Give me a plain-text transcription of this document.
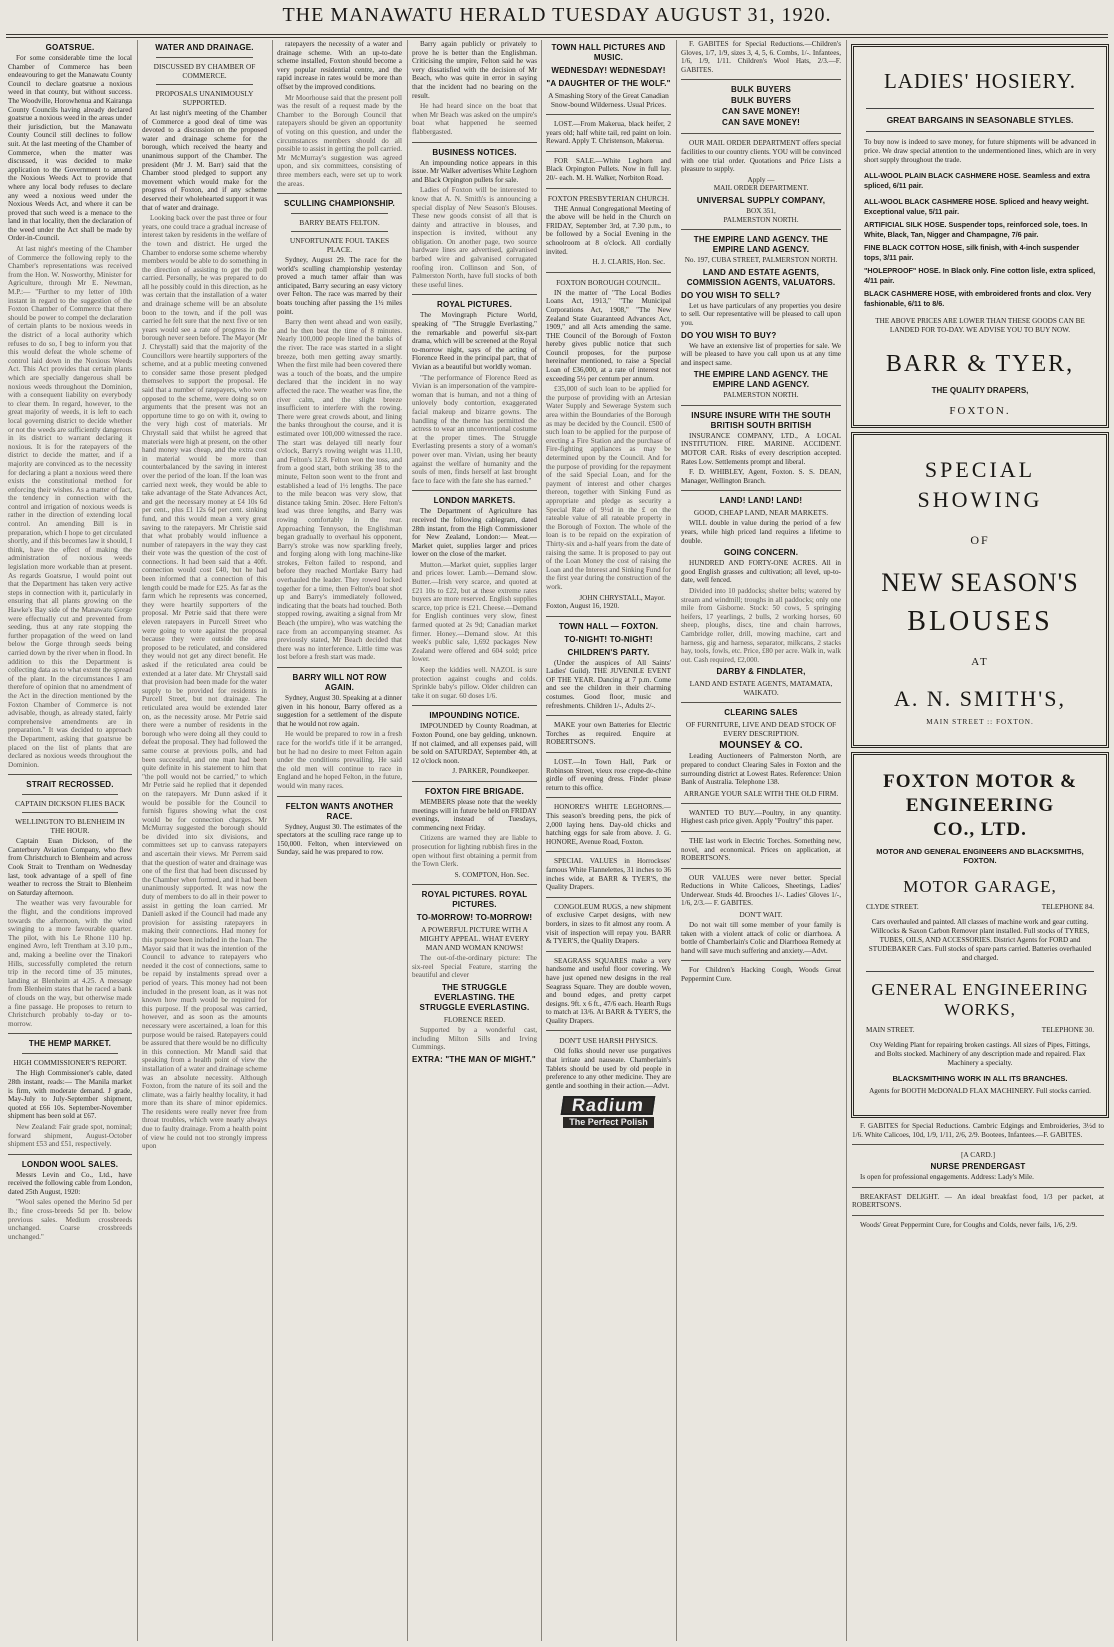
THE MANAWATU HERALD TUESDAY AUGUST 31, 1920.
GOATSRUE.

For some considerable time the local Chamber of Commerce has been endeavouring to get the Manawatu County Council to declare goatsrue a noxious weed in that county, but without success. The Woodville, Horowhenua and Kairanga County Councils having already declared goatsrue a noxious weed in the areas under their jurisdiction, but the Manawatu County Council still declines to follow suit. At the last meeting of the Chamber of Commerce, when the matter was discussed, it was decided to make application to the Government to amend the Noxious Weeds Act to provide that where any local body refuses to declare any weed a noxious weed under the Noxious Weeds Act, and where it can be proved that such weed is a menace to the land in that locality, then the declaration of the weed under the Act shall be made by Order-in-Council.

At last night's meeting of the Chamber of Commerce the following reply to the Chamber's representations was received from the Hon. W. Nosworthy, Minister for Agriculture, through Mr E. Newman, M.P.:— "Further to my letter of 10th instant in regard to the suggestion of the Foxton Chamber of Commerce that there should be power to compel the declaration of certain plants to be noxious weeds in the district of a local authority which refuses to do so, I beg to inform you that this would defeat the whole scheme of control laid down in the Noxious Weeds Act. This Act provides that certain plants which are specially dangerous shall be noxious weeds throughout the Dominion, with a consequent liability on everybody to clear them. In regard, however, to the great majority of weeds, it is left to each local governing district to decide whether or not the weeds are sufficiently dangerous in its district to warrant declaring it noxious. It is for the ratepayers of the district to decide the matter, and if a majority are convinced as to the necessity for declaring a plant a noxious weed there exists the constitutional method for enforcing their wishes. As a matter of fact, the tendency in connection with the control and irrigation of noxious weeds is rather in the direction of extending local control. An amending Bill is in preparation, which I hope to get circulated shortly, and if this becomes law it should, I think, have the effect of making the administration of noxious weeds legislation more workable than at present. As regards Goatsrue, I would point out that the Department has taken very active steps in connection with it, particularly in ensuring that all plants growing on the Hawke's Bay side of the Manawatu Gorge were effectually cut and prevented from seeding, thus at any rate stopping the further propagation of the weed on land below the Gorge through seeds being carried down by the river when in flood. In addition to this the Department is collecting data as to what extent the spread of the plant. In the circumstances I am therefore of opinion that no amendment of the Act in the direction mentioned by the Foxton Chamber of Commerce is not advisable, though, as already stated, fairly comprehensive amendments are in preparation." It was decided to approach the Department, asking that goatsrue be placed on the list of plants that are declared as noxious weeds throughout the Dominion.

STRAIT RECROSSED.
CAPTAIN DICKSON FLIES BACK
WELLINGTON TO BLENHEIM IN THE HOUR.

Captain Euan Dickson, of the Canterbury Aviation Company, who flew from Christchurch to Blenheim and across Cook Strait to Trentham on Wednesday last, took advantage of a spell of fine weather to recross the Strait to Blenheim on Saturday afternoon.

The weather was very favourable for the flight, and the conditions improved towards the afternoon, with the wind swinging to a more favourable quarter. The pilot, with his Le Rhone 110 hp. engined Avro, left Trentham at 3.10 p.m., and, making a beeline over the Tinakori Hills, successfully completed the return trip in the record time of 35 minutes, landing at Blenheim at 4.25. A message from Blenheim states that he raced a bank of clouds on the way, but otherwise made a fine passage. He proposes to return to Christchurch probably to-day or to-morrow.

THE HEMP MARKET.
HIGH COMMISSIONER'S REPORT.

The High Commissioner's cable, dated 28th instant, reads:— The Manila market is firm, with moderate demand. J grade, May-July to July-September shipment, quoted at £66 10s. September-November shipment has been sold at £67.

New Zealand: Fair grade spot, nominal; forward shipment, August-October shipment £53 and £51, respectively.

LONDON WOOL SALES.

Messrs Levin and Co., Ltd., have received the following cable from London, dated 25th August, 1920:

"Wool sales opened the Merino 5d per lb.; fine cross-breeds 5d per lb. below previous sales. Medium crossbreeds unchanged. Coarse crossbreeds unchanged."

WATER AND DRAINAGE.
DISCUSSED BY CHAMBER OF COMMERCE.
PROPOSALS UNANIMOUSLY SUPPORTED.

At last night's meeting of the Chamber of Commerce a good deal of time was devoted to a discussion on the proposed water and drainage scheme for the borough, which received the hearty and unanimous support of the Chamber. The president (Mr J. M. Barr) said that the Chamber stood pledged to support any movement which would make for the progress of Foxton, and if any scheme deserved their wholehearted support it was that of water and drainage.

Looking back over the past three or four years, one could trace a gradual increase of interest taken by residents in the welfare of the town and district. He urged the Chamber to endorse some scheme whereby members would be able to do something in the direction of assisting to get the poll carried. Personally, he was prepared to do all he possibly could in this direction, as he was certain that the installation of a water and drainage scheme will be an absolute boon to the town, and if the poll was carried he felt sure that the next five or ten years would see a rate of progress in the borough never seen before. The Mayor (Mr J. Chrystall) said that the majority of the Councillors were heartily supporters of the scheme, and at a public meeting convened to consider same those present pledged themselves to support the proposal. He said that a number of ratepayers, who were opposed to the scheme, were doing so on arguments that the present was not an opportune time to go on with it, owing to the very high cost of materials. Mr Chrystall said that whilst he agreed that materials were high at present, on the other hand money was cheap, and the extra cost in material would be more than counterbalanced by the saving in interest over the period of the loan. If the loan was carried next week, they would be able to take advantage of the State Advances Act, and get the necessary money at £4 10s 6d per cent., plus £1 12s 6d per cent. sinking fund, and this would mean a very great saving to the ratepayers. Mr Christie said that what probably would influence a number of ratepayers in the way they cast their vote was the question of the cost of connections. It had been said that a 40ft. connection would cost £40, but he had been informed that a connection of this length could be made for £25. As far as the farm which he represents was concerned, they were heartily supporters of the proposal. Mr Petrie said that there were eleven ratepayers in Purcell Street who were going to vote against the proposal because they were outside the area proposed to be reticulated, and considered they would not get any direct benefit. He asked if the reticulated area could be extended at a later date. Mr Chrystall said that provision had been made for the water supply to be provided for residents in Purcell Street, but not drainage. The reticulated area would be extended later on, as the necessity arose. Mr Petrie said there were a number of residents in the borough who were doing all they could to defeat the proposal. They had followed the same course at previous polls, and had been successful, and one man had been quite definite in his statement to him that "the poll would not be carried," to which Mr Petrie said he replied that it depended on the ratepayers. Mr Dunn asked if it would be possible for the Council to furnish figures showing what the cost would be for connection charges. Mr McMurray suggested the borough should be divided into six divisions, and committees set up to canvass ratepayers and ascertain their views. Mr Perrem said that the question of water and drainage was one of the first that had been discussed by the Chamber when formed, and it had been unanimously supported. It was now the duty of members to do all in their power to assist in getting the loan carried. Mr Daniell asked if the Council had made any provision for assisting ratepayers in making their connections. Had money for this purpose been included in the loan. The Mayor said that it was the intention of the Council to advance to ratepayers who needed it the cost of connections, same to be repaid by instalments spread over a period of years. This money had not been included in the present loan, as it was not known how much would be required for this purpose. If the proposal was carried, however, and as soon as the amounts necessary were ascertained, a loan for this purpose would be raised. Ratepayers could be assured that there would be no difficulty in this connection. Mr Mandl said that speaking from a health point of view the installation of a water and drainage scheme was an absolute necessity. Although Foxton, from the nature of its soil and the climate, was a fairly healthy locality, it had more than its share of minor epidemics. The residents were really never free from throat troubles, which were nearly always due to faulty drainage. From a health point of view he could not too strongly impress upon

ratepayers the necessity of a water and drainage scheme. With an up-to-date scheme installed, Foxton should become a very popular residential centre, and the rapid increase in rates would be more than offset by the improved conditions.

Mr Moorhouse said that the present poll was the result of a request made by the Chamber to the Borough Council that ratepayers should be given an opportunity of voting on this question, and under the circumstances members should do all possible to assist in getting the poll carried. Mr McMurray's suggestion was agreed upon, and six committees, consisting of three members each, were set up to work the areas.

SCULLING CHAMPIONSHIP.
BARRY BEATS FELTON.
UNFORTUNATE FOUL TAKES PLACE.

Sydney, August 29. The race for the world's sculling championship yesterday proved a much tamer affair than was anticipated, Barry securing an easy victory over Felton. The race was marred by their boats touching after passing the 1½ miles point.

Barry then went ahead and won easily, and he then beat the time of 8 minutes. Nearly 100,000 people lined the banks of the river. The race was started in a slight breeze, both men getting away smartly. When the first mile had been covered there was a touch of the boats, and the umpire declared that the incident in no way affected the race. The weather was fine, the river calm, and the slight breeze insufficient to interfere with the rowing. There were great crowds about, and lining the banks throughout the course, and it is estimated over 100,000 witnessed the race. The start was delayed till nearly four o'clock, Barry's rowing weight was 11.10, and Felton's 12.8. Felton won the toss, and from a good start, both striking 38 to the minute, Felton soon went to the front and established a lead of 1½ lengths. The pace to the mile beacon was very slow, that distance taking 5min. 20sec. Here Felton's lead was three lengths, and Barry was rowing comfortably in the rear. Approaching Tennyson, the Englishman began gradually to overhaul his opponent, Barry's stroke was now sparkling freely, and forging along with long machine-like strokes, Felton failed to respond, and before they reached Mortlake Barry had overhauled the leader. They rowed locked together for a time, then Felton's boat shot up and Barry's immediately followed, indicating that the boats had touched. Both stopped rowing, awaiting a signal from Mr Beach (the umpire), who was watching the race from an accompanying steamer. As previously stated, Mr Beach decided that there was no interference. Little time was lost before a fresh start was made.

BARRY WILL NOT ROW AGAIN.

Sydney, August 30. Speaking at a dinner given in his honour, Barry offered as a suggestion for a settlement of the dispute that he would not row again.

He would be prepared to row in a fresh race for the world's title if it be arranged, but he had no desire to meet Felton again under the conditions prevailing. He said the old men will continue to race in England and he hoped Felton, in the future, would win many races.

FELTON WANTS ANOTHER RACE.

Sydney, August 30. The estimates of the spectators at the sculling race range up to 150,000. Felton, when interviewed on Sunday, said he was prepared to row.

Barry again publicly or privately to prove he is better than the Englishman. Criticising the umpire, Felton said he was very dissatisfied with the decision of Mr Beach, who was quite in error in saying that the incident had no bearing on the result.

He had heard since on the boat that when Mr Beach was asked on the umpire's boat what happened he seemed flabbergasted.

BUSINESS NOTICES.

An impounding notice appears in this issue. Mr Walker advertises White Leghorn and Black Orpington pullets for sale.

Ladies of Foxton will be interested to know that A. N. Smith's is announcing a special display of New Season's Blouses. These new goods consist of all that is dainty and attractive in blouses, and inspection is invited, without any obligation. On another page, two source hardware lines are advertised, galvanised barbed wire and galvanised corrugated roofing iron. Collinson and Son, of Palmerston North, have full stocks of both these useful lines.

ROYAL PICTURES.

The Movingraph Picture World, speaking of "The Struggle Everlasting," the remarkable and powerful six-part drama, which will be screened at the Royal to-morrow night, says of the acting of Florence Reed in the principal part, that of Vivian as a beautiful but worldly woman.

"The performance of Florence Reed as Vivian is an impersonation of the vampire-woman that is human, and not a thing of unlovely body contortion, exaggerated facial makeup and bizarre gowns. The handling of the theme has permitted the actress to wear an unconventional costume at the proper times. The Struggle Everlasting presents a story of a woman's power over man. Vivian, using her beauty against the welfare of humanity and the souls of men, finds herself at last brought face to face with the fate she has earned."

LONDON MARKETS.

The Department of Agriculture has received the following cablegram, dated 28th instant, from the High Commissioner for New Zealand, London:— Meat.—Market quiet, supplies larger and prices lower on the close of the market.

Mutton.—Market quiet, supplies larger and prices lower. Lamb.—Demand slow. Butter.—Irish very scarce, and quoted at £21 10s to £22, but at these extreme rates buyers are more reserved. English supplies scarce, top price is £21. Cheese.—Demand for English continues very slow, finest farmed quoted at 2s 9d; Canadian market firmer. Honey.—Demand slow. At this week's public sale, 1,692 packages New Zealand were offered and 604 sold; price lower.

Keep the kiddies well. NAZOL is sure protection against coughs and colds. Sprinkle baby's pillow. Older children can take it on sugar. 60 doses 1/6.

IMPOUNDING NOTICE.

IMPOUNDED by County Roadman, at Foxton Pound, one bay gelding, unknown. If not claimed, and all expenses paid, will be sold on SATURDAY, September 4th, at 12 o'clock noon.

J. PARKER, Poundkeeper.
FOXTON FIRE BRIGADE.

MEMBERS please note that the weekly meetings will in future be held on FRIDAY evenings, instead of Tuesdays, commencing next Friday.

Citizens are warned they are liable to prosecution for lighting rubbish fires in the open without first obtaining a permit from the Town Clerk.

S. COMPTON, Hon. Sec.
ROYAL PICTURES. ROYAL PICTURES.
TO-MORROW! TO-MORROW!
A POWERFUL PICTURE WITH A MIGHTY APPEAL. WHAT EVERY MAN AND WOMAN KNOWS!

The out-of-the-ordinary picture: The six-reel Special Feature, starring the beautiful and clever

THE STRUGGLE EVERLASTING. THE STRUGGLE EVERLASTING.
FLORENCE REED.

Supported by a wonderful cast, including Milton Sills and Irving Cummings.

EXTRA: "THE MAN OF MIGHT."
TOWN HALL PICTURES AND MUSIC.
WEDNESDAY! WEDNESDAY!
"A DAUGHTER OF THE WOLF."
A Smashing Story of the Great Canadian Snow-bound Wilderness. Usual Prices.

LOST.—From Makerua, black heifer, 2 years old; half white tail, red paint on loin. Reward. Apply T. Christenson, Makerua.

FOR SALE.—White Leghorn and Black Orpington Pullets. Now in full lay. 20/- each. M. H. Walker, Norbiton Road.

FOXTON PRESBYTERIAN CHURCH.

THE Annual Congregational Meeting of the above will be held in the Church on FRIDAY, September 3rd, at 7.30 p.m., to be followed by a Social Evening in the schoolroom at 8 o'clock. All cordially invited.

H. J. CLARIS, Hon. Sec.
FOXTON BOROUGH COUNCIL.

IN the matter of "The Local Bodies Loans Act, 1913," "The Municipal Corporations Act, 1908," "The New Zealand State Guaranteed Advances Act, 1909," and all Acts amending the same. THE Council of the Borough of Foxton hereby gives public notice that such Council proposes, for the purpose hereinafter mentioned, to raise a Special Loan of £36,000, at a rate of interest not exceeding 5½ per centum per annum.

£35,000 of such loan to be applied for the purpose of providing with an Artesian Water Supply and Sewerage System such area within the Boundaries of the Borough as may be decided by the Council. £500 of such loan to be applied for the purpose of erecting a Fire Station and the purchase of Fire-fighting appliances as may be determined upon by the Council. And for the purpose of providing for the repayment of the said Special Loan, and for the payment of interest and other charges thereon, together with Sinking Fund as appropriate and pledge as security a Special Rate of 9½d in the £ on the rateable value of all rateable property in the Borough of Foxton. The whole of the loan is to be repaid on the expiration of Thirty-six and a-half years from the date of raising the same. It is proposed to pay out of the Loan Money the cost of raising the Loan and the Interest and Sinking Fund for the first year during the construction of the work.

JOHN CHRYSTALL, Mayor.
Foxton, August 16, 1920.
TOWN HALL — FOXTON.
TO-NIGHT! TO-NIGHT!
CHILDREN'S PARTY.

(Under the auspices of All Saints' Ladies' Guild). THE JUVENILE EVENT OF THE YEAR. Dancing at 7 p.m. Come and see the children in their charming costumes. Good floor, music and refreshments. Children 1/-, Adults 2/-.

MAKE your own Batteries for Electric Torches as required. Enquire at ROBERTSON'S.

LOST.—In Town Hall, Park or Robinson Street, vieux rose crepe-de-chine girdle off evening dress. Finder please return to this office.

HONORE'S WHITE LEGHORNS.—This season's breeding pens, the pick of 2,000 laying hens. Day-old chicks and hatching eggs for sale from above. J. G. HONORE, Avenue Road, Foxton.

SPECIAL VALUES in Horrockses' famous White Flannelettes, 31 inches to 36 inches wide, at BARR & TYER'S, the Quality Drapers.

CONGOLEUM RUGS, a new shipment of exclusive Carpet designs, with new borders, in sizes to fit almost any room. A visit of inspection will repay you. BARR & TYER'S, the Quality Drapers.

SEAGRASS SQUARES make a very handsome and useful floor covering. We have just opened new designs in the real Seagrass Square. They are double woven, and bound edges, and pretty carpet designs. 9ft. x 6 ft., 47/6 each. Hearth Rugs to match at 13/6. At BARR & TYER'S, the Quality Drapers.

DON'T USE HARSH PHYSICS.

Old folks should never use purgatives that irritate and nauseate. Chamberlain's Tablets should be used by old people in preference to any other medicine. They are gentle and soothing in their action.—Advt.

Radium The Perfect Polish

F. GABITES for Special Reductions.—Children's Gloves, 1/7, 1/9, sizes 3, 4, 5, 6. Combs, 1/-. Infantees, 1/6, 1/9, 1/11. Children's Wool Hats, 2/3.—F. GABITES.

BULK BUYERS
BULK BUYERS
CAN SAVE MONEY!
CAN SAVE MONEY!

OUR MAIL ORDER DEPARTMENT offers special facilities to our country clients. YOU will be convinced with one trial order. Quotations and Price Lists a pleasure to supply.

Apply —
MAIL ORDER DEPARTMENT.
UNIVERSAL SUPPLY COMPANY,
BOX 351,
PALMERSTON NORTH.
THE EMPIRE LAND AGENCY. THE EMPIRE LAND AGENCY.
No. 197, CUBA STREET, PALMERSTON NORTH.
LAND AND ESTATE AGENTS, COMMISSION AGENTS, VALUATORS.
DO YOU WISH TO SELL?

Let us have particulars of any properties you desire to sell. Our representative will be pleased to call upon you.

DO YOU WISH TO BUY?

We have an extensive list of properties for sale. We will be pleased to have you call upon us at any time and inspect same.

THE EMPIRE LAND AGENCY. THE EMPIRE LAND AGENCY.
PALMERSTON NORTH.
INSURE INSURE WITH THE SOUTH BRITISH SOUTH BRITISH

INSURANCE COMPANY, LTD., A LOCAL INSTITUTION. FIRE. MARINE. ACCIDENT. MOTOR CAR. Risks of every description accepted. Rates Low. Settlements prompt and liberal.

F. D. WHIBLEY, Agent, Foxton. S. S. DEAN, Manager, Wellington Branch.

LAND! LAND! LAND!
GOOD, CHEAP LAND, NEAR MARKETS.

WILL double in value during the period of a few years, while high priced land requires a lifetime to double.

GOING CONCERN.

HUNDRED AND FORTY-ONE ACRES. All in good English grasses and cultivation; all level, up-to-date, well fenced.

Divided into 10 paddocks; shelter belts; watered by stream and windmill; troughs in all paddocks; only one mile from Gisborne. Stock: 50 cows, 5 springing heifers, 17 yearlings, 2 bulls, 2 working horses, 60 sheep, ploughs, discs, tine and chain harrows, Cambridge roller, drill, mowing machine, cart and harness, gig and harness, separator, milkcans, 2 stacks hay, tools, fowls, etc. Price, £80 per acre. Walk in, walk out. Cash required, £2,000.

DARBY & FINDLATER,
LAND AND ESTATE AGENTS, MATAMATA, WAIKATO.
CLEARING SALES
OF FURNITURE, LIVE AND DEAD STOCK OF EVERY DESCRIPTION.
MOUNSEY & CO.

Leading Auctioneers of Palmerston North, are prepared to conduct Clearing Sales in Foxton and the surrounding district at Lowest Rates. Reference: Union Bank of Australia. Telephone 138.

ARRANGE YOUR SALE WITH THE OLD FIRM.

WANTED TO BUY.—Poultry, in any quantity. Highest cash price given. Apply "Poultry" this paper.

THE last work in Electric Torches. Something new, novel, and economical. Prices on application, at ROBERTSON'S.

OUR VALUES were never better. Special Reductions in White Calicoes, Sheetings, Ladies' Underwear. Studs 4d. Brooches 1/-. Ladies' Gloves 1/-, 1/6, 2/3.— F. GABITES.

DON'T WAIT.

Do not wait till some member of your family is taken with a violent attack of colic or diarrhoea. A bottle of Chamberlain's Colic and Diarrhoea Remedy at hand will save much suffering and anxiety.—Advt.

For Children's Hacking Cough, Woods Great Peppermint Cure.

LADIES' HOSIERY.
GREAT BARGAINS IN SEASONABLE STYLES.
To buy now is indeed to save money, for future shipments will be advanced in price. We draw special attention to the undermentioned lines, which are in very short supply throughout the trade.
ALL-WOOL PLAIN BLACK CASHMERE HOSE. Seamless and extra spliced, 6/11 pair.
ALL-WOOL BLACK CASHMERE HOSE. Spliced and heavy weight. Exceptional value, 5/11 pair.
ARTIFICIAL SILK HOSE. Suspender tops, reinforced sole, toes. In White, Black, Tan, Nigger and Champagne, 7/6 pair.
FINE BLACK COTTON HOSE, silk finish, with 4-inch suspender tops, 3/11 pair.
"HOLEPROOF" HOSE. In Black only. Fine cotton lisle, extra spliced, 4/11 pair.
BLACK CASHMERE HOSE, with embroidered fronts and clox. Very fashionable, 6/11 to 8/6.
THE ABOVE PRICES ARE LOWER THAN THESE GOODS CAN BE LANDED FOR TO-DAY. WE ADVISE YOU TO BUY NOW.
BARR & TYER,
THE QUALITY DRAPERS,
FOXTON.
SPECIAL
SHOWING
OF
NEW SEASON'S
BLOUSES
AT
A. N. SMITH'S,
MAIN STREET :: FOXTON.
FOXTON MOTOR &
ENGINEERING
CO., LTD.
MOTOR AND GENERAL ENGINEERS AND BLACKSMITHS, FOXTON.
MOTOR GARAGE,
CLYDE STREET.	TELEPHONE 84.
Cars overhauled and painted. All classes of machine work and gear cutting. Willcocks & Saxon Carbon Remover plant installed. Full stocks of TYRES, TUBES, OILS, AND ACCESSORIES. District Agents for FORD and STUDEBAKER Cars. Full stocks of spare parts carried. Batteries overhauled and charged.
GENERAL ENGINEERING
WORKS,
MAIN STREET.	TELEPHONE 30.
Oxy Welding Plant for repairing broken castings. All sizes of Pipes, Fittings, and Bolts stocked. Machinery of any description made and repaired. Flax Machinery a specialty.
BLACKSMITHING WORK IN ALL ITS BRANCHES.
Agents for BOOTH McDONALD FLAX MACHINERY. Full stocks carried.

F. GABITES for Special Reductions. Cambric Edgings and Embroideries, 3½d to 1/6. White Calicoes, 10d, 1/9, 1/11, 2/6, 2/9. Bootees, Infantees.—F. GABITES.

[A CARD.]
NURSE PRENDERGAST

Is open for professional engagements. Address: Lady's Mile.

BREAKFAST DELIGHT. — An ideal breakfast food, 1/3 per packet, at ROBERTSON'S.

Woods' Great Peppermint Cure, for Coughs and Colds, never fails, 1/6, 2/9.
